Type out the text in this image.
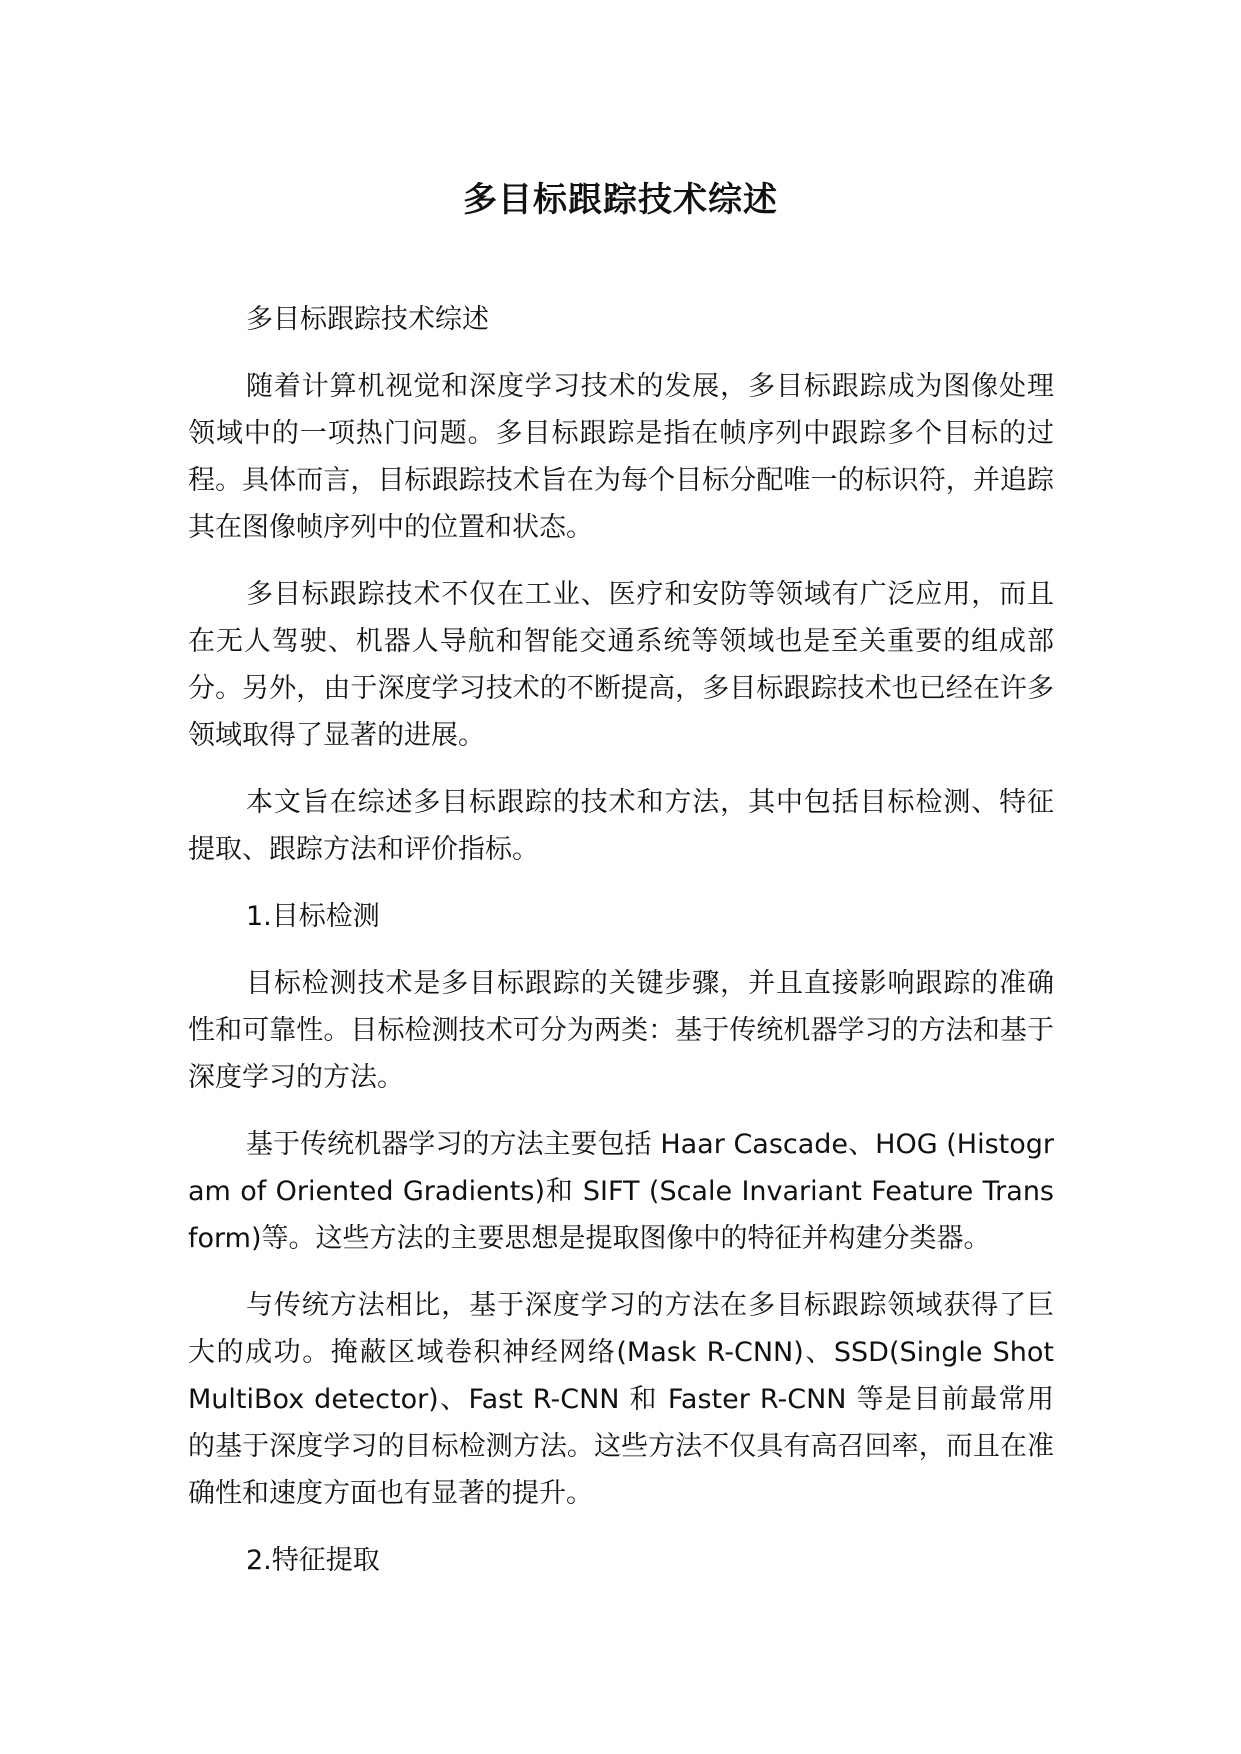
多目标跟踪技术综述

多目标跟踪技术综述

随着计算机视觉和深度学习技术的发展，多目标跟踪成为图像处理领域中的一项热门问题。多目标跟踪是指在帧序列中跟踪多个目标的过程。具体而言，目标跟踪技术旨在为每个目标分配唯一的标识符，并追踪其在图像帧序列中的位置和状态。

多目标跟踪技术不仅在工业、医疗和安防等领域有广泛应用，而且在无人驾驶、机器人导航和智能交通系统等领域也是至关重要的组成部分。另外，由于深度学习技术的不断提高，多目标跟踪技术也已经在许多领域取得了显著的进展。

本文旨在综述多目标跟踪的技术和方法，其中包括目标检测、特征提取、跟踪方法和评价指标。

1.目标检测

目标检测技术是多目标跟踪的关键步骤，并且直接影响跟踪的准确性和可靠性。目标检测技术可分为两类：基于传统机器学习的方法和基于深度学习的方法。

基于传统机器学习的方法主要包括 Haar Cascade、HOG (Histogram of Oriented Gradients)和 SIFT (Scale Invariant Feature Transform)等。这些方法的主要思想是提取图像中的特征并构建分类器。

与传统方法相比，基于深度学习的方法在多目标跟踪领域获得了巨大的成功。掩蔽区域卷积神经网络(Mask R-CNN)、SSD(Single Shot MultiBox detector)、Fast R-CNN 和 Faster R-CNN 等是目前最常用的基于深度学习的目标检测方法。这些方法不仅具有高召回率，而且在准确性和速度方面也有显著的提升。

2.特征提取
